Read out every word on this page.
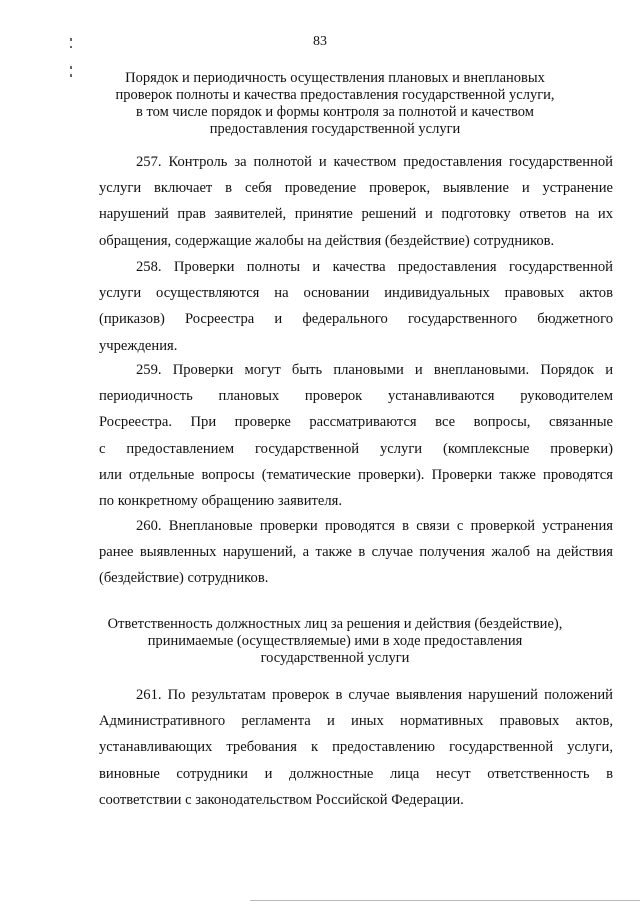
83
Порядок и периодичность осуществления плановых и внеплановых
проверок полноты и качества предоставления государственной услуги,
в том числе порядок и формы контроля за полнотой и качеством
предоставления государственной услуги
257. Контроль за полнотой и качеством предоставления государственной
услуги включает в себя проведение проверок, выявление и устранение
нарушений прав заявителей, принятие решений и подготовку ответов на их
обращения, содержащие жалобы на действия (бездействие) сотрудников.
258. Проверки полноты и качества предоставления государственной
услуги осуществляются на основании индивидуальных правовых актов
(приказов) Росреестра и федерального государственного бюджетного
учреждения.
259. Проверки могут быть плановыми и внеплановыми. Порядок и
периодичность плановых проверок устанавливаются руководителем
Росреестра. При проверке рассматриваются все вопросы, связанные
с предоставлением государственной услуги (комплексные проверки)
или отдельные вопросы (тематические проверки). Проверки также проводятся
по конкретному обращению заявителя.
260. Внеплановые проверки проводятся в связи с проверкой устранения
ранее выявленных нарушений, а также в случае получения жалоб на действия
(бездействие) сотрудников.
Ответственность должностных лиц за решения и действия (бездействие),
принимаемые (осуществляемые) ими в ходе предоставления
государственной услуги
261. По результатам проверок в случае выявления нарушений положений
Административного регламента и иных нормативных правовых актов,
устанавливающих требования к предоставлению государственной услуги,
виновные сотрудники и должностные лица несут ответственность в
соответствии с законодательством Российской Федерации.
